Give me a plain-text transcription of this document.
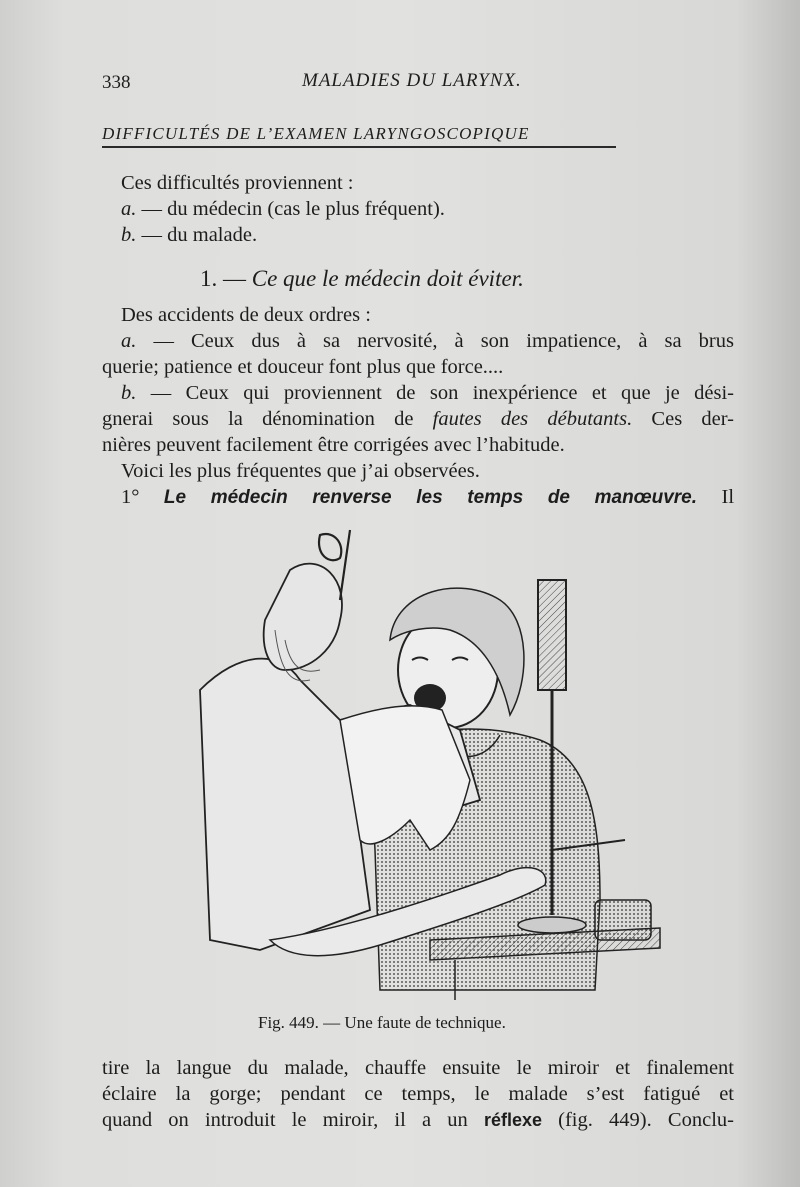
338	MALADIES DU LARYNX.
DIFFICULTÉS DE L’EXAMEN LARYNGOSCOPIQUE
Ces difficultés proviennent :
a. — du médecin (cas le plus fréquent).
b. — du malade.
1. — Ce que le médecin doit éviter.
Des accidents de deux ordres :
a. — Ceux dus à sa nervosité, à son impatience, à sa brus
querie; patience et douceur font plus que force....
b. — Ceux qui proviennent de son inexpérience et que je dési-
gnerai sous la dénomination de fautes des débutants. Ces der-
nières peuvent facilement être corrigées avec l’habitude.
Voici les plus fréquentes que j’ai observées.
1° Le médecin renverse les temps de manœuvre. Il
Fig. 449. — Une faute de technique.
tire la langue du malade, chauffe ensuite le miroir et finalement
éclaire la gorge; pendant ce temps, le malade s’est fatigué et
quand on introduit le miroir, il a un réflexe (fig. 449). Conclu-
